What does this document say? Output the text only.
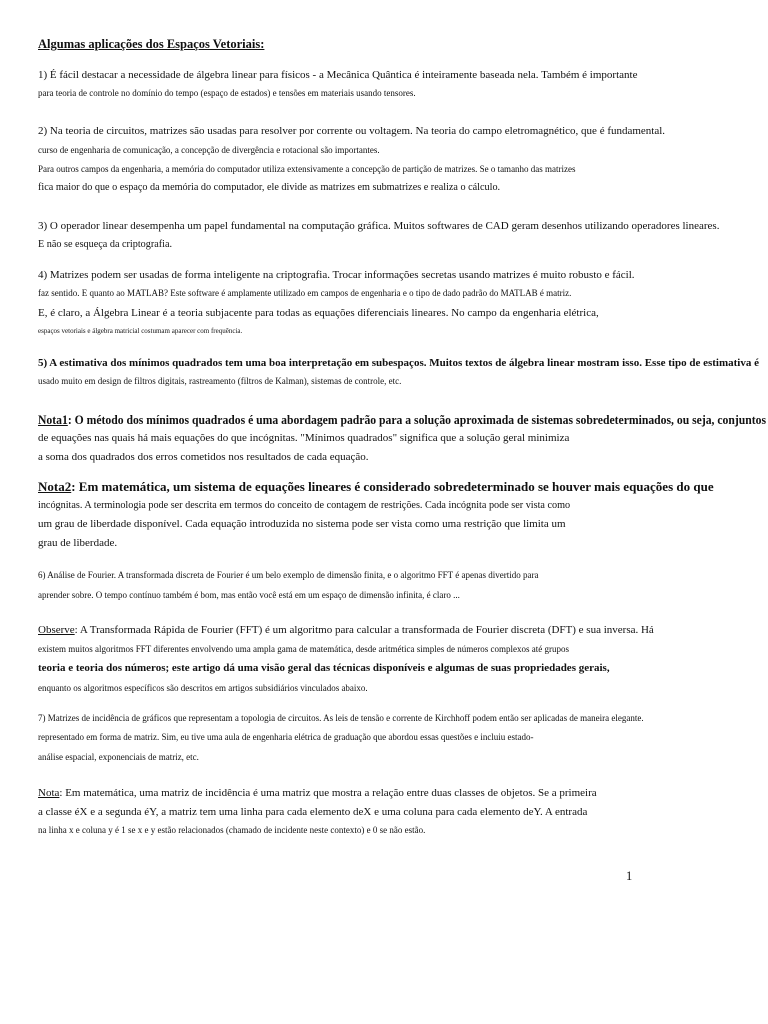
Algumas aplicações dos Espaços Vetoriais:
1) É fácil destacar a necessidade de álgebra linear para físicos - a Mecânica Quântica é inteiramente baseada nela. Também é importante
para teoria de controle no domínio do tempo (espaço de estados) e tensões em materiais usando tensores.
2) Na teoria de circuitos, matrizes são usadas para resolver por corrente ou voltagem. Na teoria do campo eletromagnético, que é fundamental.
curso de engenharia de comunicação, a concepção de divergência e rotacional são importantes.
Para outros campos da engenharia, a memória do computador utiliza extensivamente a concepção de partição de matrizes. Se o tamanho das matrizes
fica maior do que o espaço da memória do computador, ele divide as matrizes em submatrizes e realiza o cálculo.
3) O operador linear desempenha um papel fundamental na computação gráfica. Muitos softwares de CAD geram desenhos utilizando operadores lineares.
E não se esqueça da criptografia.
4) Matrizes podem ser usadas de forma inteligente na criptografia. Trocar informações secretas usando matrizes é muito robusto e fácil.
faz sentido. E quanto ao MATLAB? Este software é amplamente utilizado em campos de engenharia e o tipo de dado padrão do MATLAB é matriz.
E, é claro, a Álgebra Linear é a teoria subjacente para todas as equações diferenciais lineares. No campo da engenharia elétrica,
espaços vetoriais e álgebra matricial costumam aparecer com frequência.
5) A estimativa dos mínimos quadrados tem uma boa interpretação em subespaços. Muitos textos de álgebra linear mostram isso. Esse tipo de estimativa é
usado muito em design de filtros digitais, rastreamento (filtros de Kalman), sistemas de controle, etc.
Nota1: O método dos mínimos quadrados é uma abordagem padrão para a solução aproximada de sistemas sobredeterminados, ou seja, conjuntos
de equações nas quais há mais equações do que incógnitas. "Mínimos quadrados" significa que a solução geral minimiza
a soma dos quadrados dos erros cometidos nos resultados de cada equação.
Nota2: Em matemática, um sistema de equações lineares é considerado sobredeterminado se houver mais equações do que
incógnitas. A terminologia pode ser descrita em termos do conceito de contagem de restrições. Cada incógnita pode ser vista como
um grau de liberdade disponível. Cada equação introduzida no sistema pode ser vista como uma restrição que limita um
grau de liberdade.
6) Análise de Fourier. A transformada discreta de Fourier é um belo exemplo de dimensão finita, e o algoritmo FFT é apenas divertido para
aprender sobre. O tempo contínuo também é bom, mas então você está em um espaço de dimensão infinita, é claro ...
Observe: A Transformada Rápida de Fourier (FFT) é um algoritmo para calcular a transformada de Fourier discreta (DFT) e sua inversa. Há
existem muitos algoritmos FFT diferentes envolvendo uma ampla gama de matemática, desde aritmética simples de números complexos até grupos
teoria e teoria dos números; este artigo dá uma visão geral das técnicas disponíveis e algumas de suas propriedades gerais,
enquanto os algoritmos específicos são descritos em artigos subsidiários vinculados abaixo.
7) Matrizes de incidência de gráficos que representam a topologia de circuitos. As leis de tensão e corrente de Kirchhoff podem então ser aplicadas de maneira elegante.
representado em forma de matriz. Sim, eu tive uma aula de engenharia elétrica de graduação que abordou essas questões e incluiu estado-
análise espacial, exponenciais de matriz, etc.
Nota: Em matemática, uma matriz de incidência é uma matriz que mostra a relação entre duas classes de objetos. Se a primeira
a classe éX e a segunda éY, a matriz tem uma linha para cada elemento deX e uma coluna para cada elemento deY. A entrada
na linha x e coluna y é 1 se x e y estão relacionados (chamado de incidente neste contexto) e 0 se não estão.
1
